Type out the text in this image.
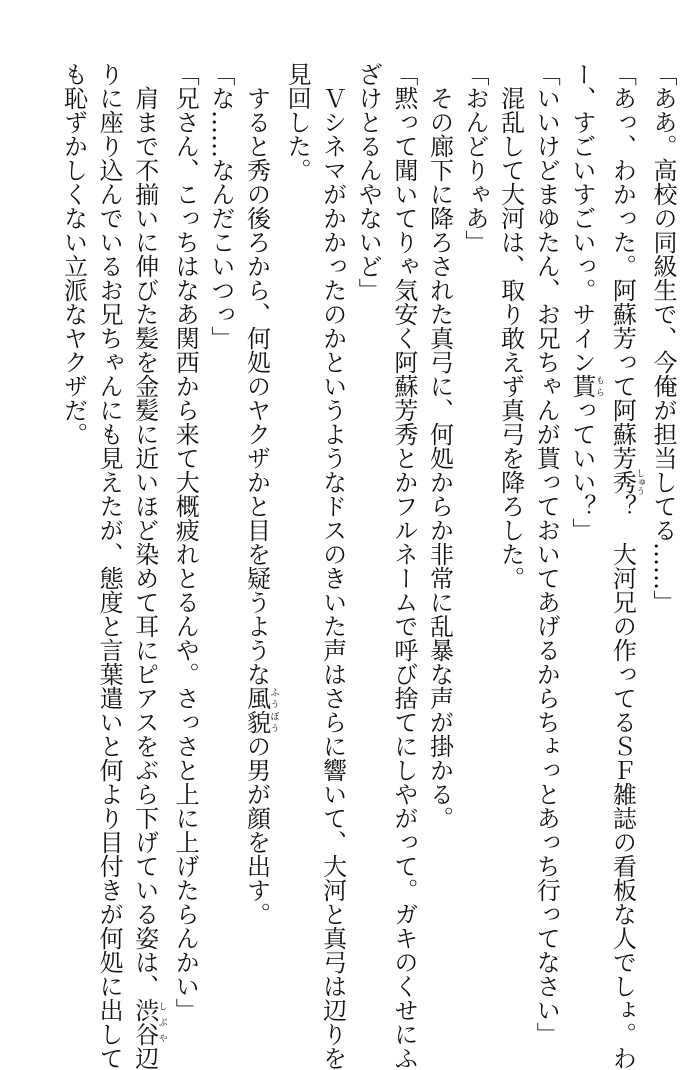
「ああ。高校の同級生で、今俺が担当してる……」

「あっ、わかった。阿蘇芳って阿蘇芳秀しゅう？　大河兄の作ってるＳＦ雑誌の看板な人でしょ。わ

ー、すごいすごいっ。サイン貰もらっていい？」

「いいけどまゆたん、お兄ちゃんが貰っておいてあげるからちょっとあっち行ってなさい」

　混乱して大河は、取り敢えず真弓を降ろした。

「おんどりゃあ」

　その廊下に降ろされた真弓に、何処からか非常に乱暴な声が掛かる。

「黙って聞いてりゃ気安く阿蘇芳秀とかフルネームで呼び捨てにしやがって。ガキのくせにふ

ざけとるんやないど」

　Ｖシネマがかかったのかというようなドスのきいた声はさらに響いて、大河と真弓は辺りを

見回した。

　すると秀の後ろから、何処のヤクザかと目を疑うような風貌ふうぼうの男が顔を出す。

「な……なんだこいつっ」

「兄さん、こっちはなあ関西から来て大概疲れとるんや。さっさと上に上げたらんかい」

　肩まで不揃いに伸びた髪を金髪に近いほど染めて耳にピアスをぶら下げている姿は、渋谷しぶや辺

りに座り込んでいるお兄ちゃんにも見えたが、態度と言葉遣いと何より目付きが何処に出して

も恥ずかしくない立派なヤクザだ。
